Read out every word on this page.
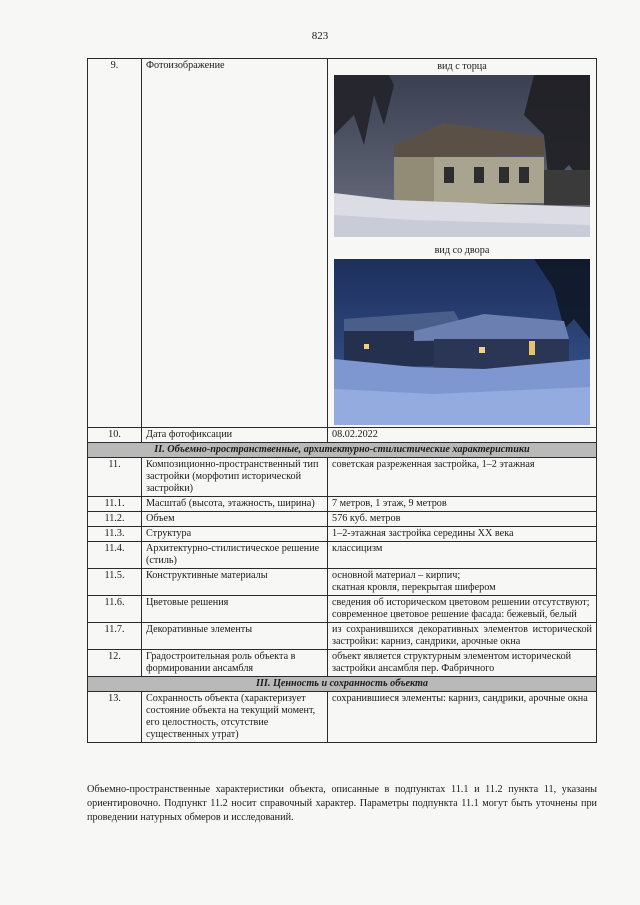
823
9.	Фотоизображение	вид с торца
вид со двора

10.	Дата фотофиксации	08.02.2022
II. Объемно-пространственные, архитектурно-стилистические характеристики		
11.	Композиционно-пространственный тип застройки (морфотип исторической застройки)	советская разреженная застройка, 1–2 этажная
11.1.	Масштаб (высота, этажность, ширина)	7 метров, 1 этаж, 9 метров
11.2.	Объем	576 куб. метров
11.3.	Структура	1–2-этажная застройка середины XX века
11.4.	Архитектурно-стилистическое решение (стиль)	классицизм
11.5.	Конструктивные материалы	основной материал – кирпич;
скатная кровля, перекрытая шифером

11.6.	Цветовые решения	сведения об историческом цветовом решении отсутствуют;
современное цветовое решение фасада: бежевый, белый

11.7.	Декоративные элементы	из сохранившихся декоративных элементов исторической застройки: карниз, сандрики, арочные окна
12.	Градостроительная роль объекта в формировании ансамбля	объект является структурным элементом исторической застройки ансамбля пер. Фабричного
III. Ценность и сохранность объекта		
13.	Сохранность объекта (характеризует состояние объекта на текущий момент, его целостность, отсутствие существенных утрат)	сохранившиеся элементы: карниз, сандрики, арочные окна
Объемно-пространственные характеристики объекта, описанные в подпунктах 11.1 и 11.2 пункта 11, указаны ориентировочно. Подпункт 11.2 носит справочный характер. Параметры подпункта 11.1 могут быть уточнены при проведении натурных обмеров и исследований.
